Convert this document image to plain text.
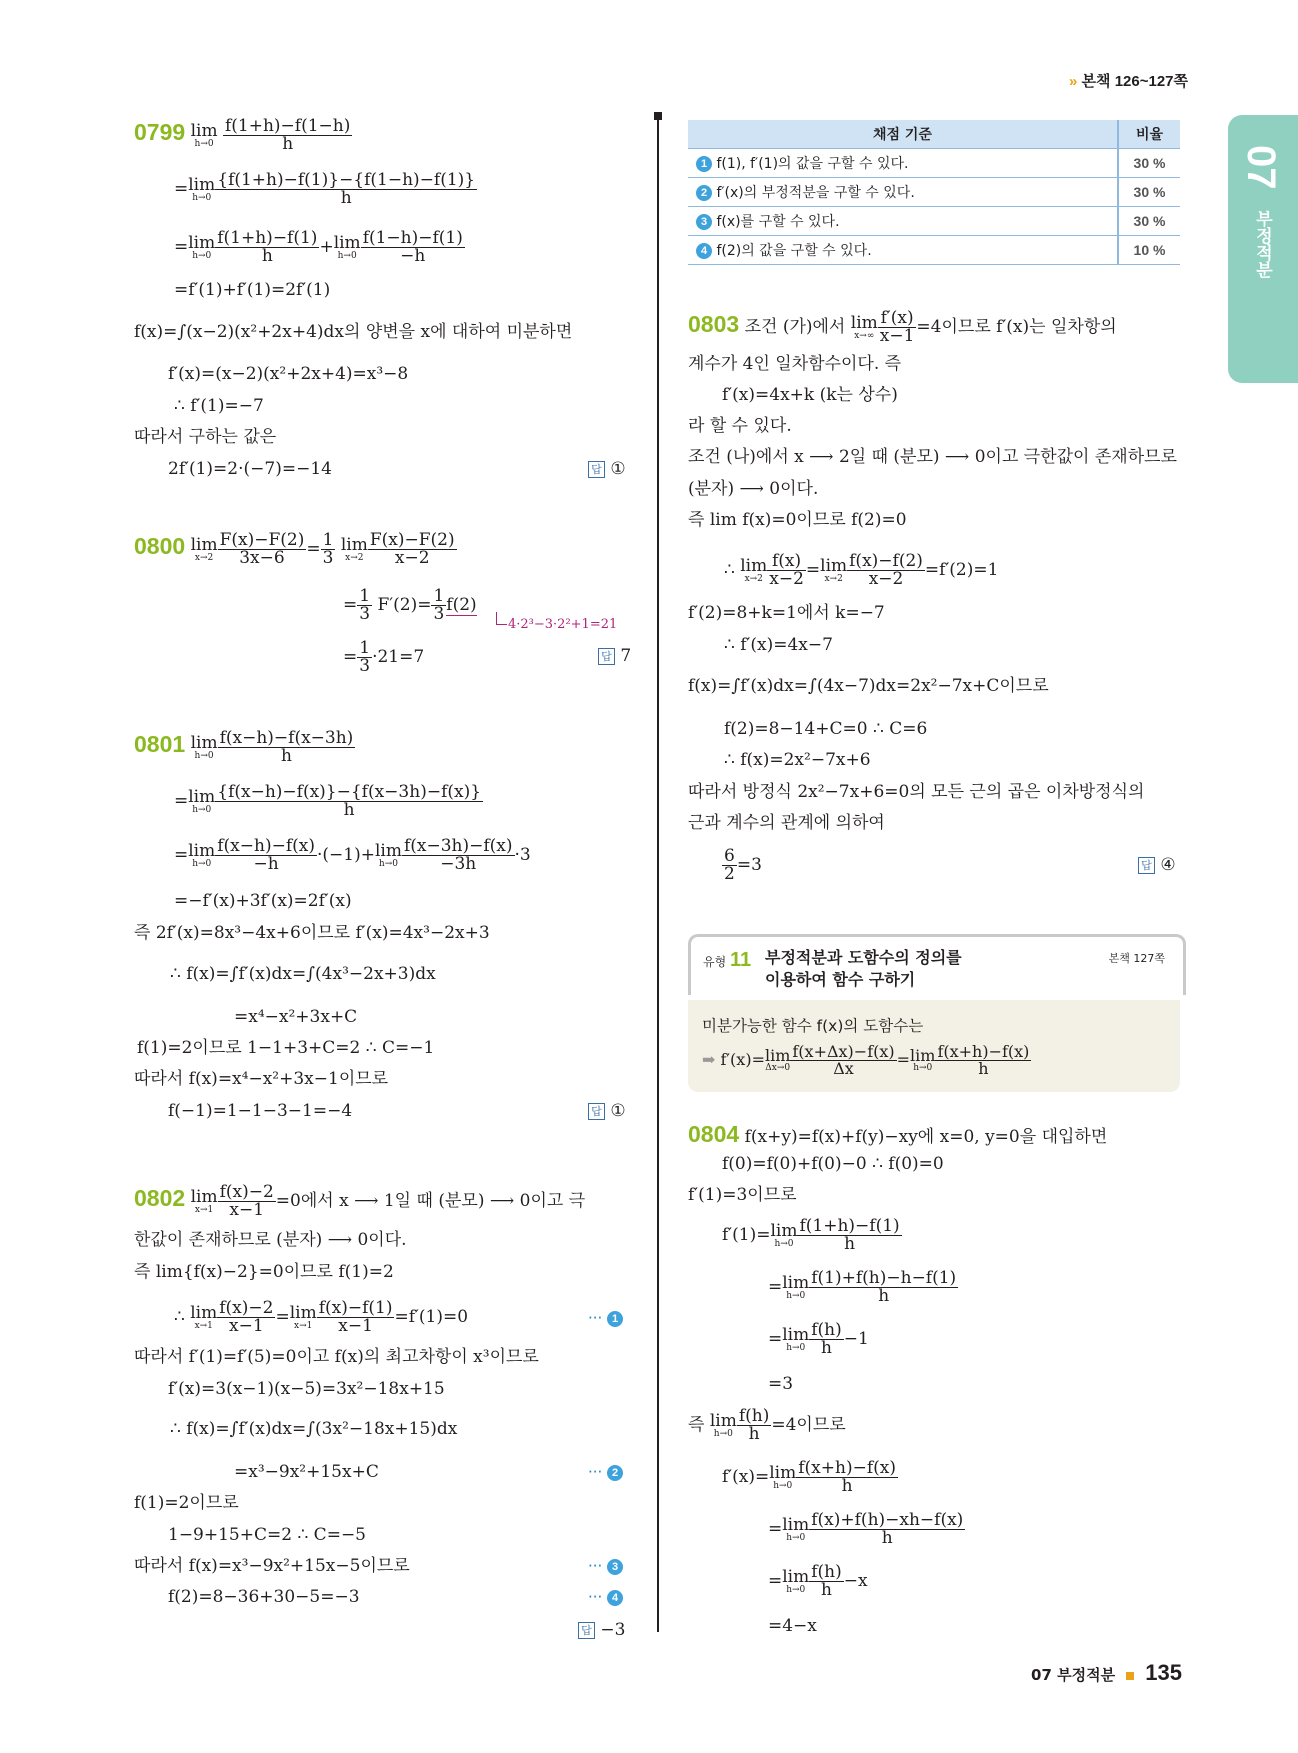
» 본책 126~127쪽
07
부정적분
0799 lim
h→0
$\frac{f(1+h)-f(1-h)}{h}$
=lim
$h\to 0 \frac{\{f(1+h)-f(1)\}-\{f(1-h)-f(1)\}}{h}$
=lim
$h\to 0 \frac{f(1+h)-f(1)}{h} +\lim$
$h\to 0 \frac{f(1-h)-f(1)}{-h}$
=f′(1)+f′(1)=2f′(1)
f(x)=∫(x−2)(x²+2x+4)dx의 양변을 x에 대하여 미분하면
f′(x)=(x−2)(x²+2x+4)=x³−8
∴ f′(1)=−7
따라서 구하는 값은
2f′(1)=2·(−7)=−14	답 ①
0800 lim
$x\to 2 \frac{F(x)-F(2)}{3x-6} = \frac{1}{3}$ lim
$x\to 2 \frac{F(x)-F(2)}{x-2}$
= $\frac{1}{3} F'(2)= \frac{1}{3} f(2)$
4·2³−3·2²+1=21
= $\frac{1}{3} \cdot 21=7$	답 7
0801 lim
$h\to 0 \frac{f(x-h)-f(x-3h)}{h}$
=lim
$h\to 0 \frac{\{f(x-h)-f(x)\}-\{f(x-3h)-f(x)\}}{h}$
=lim
$h\to 0 \frac{f(x-h)-f(x)}{-h} \cdot(-1)+\lim$
$h\to 0 \frac{f(x-3h)-f(x)}{-3h} \cdot 3$
=−f′(x)+3f′(x)=2f′(x)
즉 2f′(x)=8x³−4x+6이므로 f′(x)=4x³−2x+3
∴ f(x)=∫f′(x)dx=∫(4x³−2x+3)dx
=x⁴−x²+3x+C
f(1)=2이므로 1−1+3+C=2 ∴ C=−1
따라서 f(x)=x⁴−x²+3x−1이므로
f(−1)=1−1−3−1=−4	답 ①
0802 lim
$x\to 1 \frac{f(x)-2}{x-1} =0$에서 x ⟶ 1일 때 (분모) ⟶ 0이고 극
한값이 존재하므로 (분자) ⟶ 0이다.
즉 lim{f(x)−2}=0이므로 f(1)=2
∴ lim
$x\to 1 \frac{f(x)-2}{x-1} =\lim$
$x\to 1 \frac{f(x)-f(1)}{x-1} =f'(1)=0$	··· 1
따라서 f′(1)=f′(5)=0이고 f(x)의 최고차항이 x³이므로
f′(x)=3(x−1)(x−5)=3x²−18x+15
∴ f(x)=∫f′(x)dx=∫(3x²−18x+15)dx
=x³−9x²+15x+C	··· 2
f(1)=2이므로
1−9+15+C=2 ∴ C=−5
따라서 f(x)=x³−9x²+15x−5이므로	··· 3
f(2)=8−36+30−5=−3	··· 4
답 −3
채점 기준	비율
1 f(1), f′(1)의 값을 구할 수 있다.	30 %
2 f′(x)의 부정적분을 구할 수 있다.	30 %
3 f(x)를 구할 수 있다.	30 %
4 f(2)의 값을 구할 수 있다.	10 %
0803 조건 (가)에서 lim
$x\to\infty \frac{f'(x)}{x-1} =4$이므로 f′(x)는 일차항의
계수가 4인 일차함수이다. 즉
f′(x)=4x+k (k는 상수)
라 할 수 있다.
조건 (나)에서 x ⟶ 2일 때 (분모) ⟶ 0이고 극한값이 존재하므로
(분자) ⟶ 0이다.
즉 lim f(x)=0이므로 f(2)=0
∴ lim
$x\to 2 \frac{f(x)}{x-2} =\lim$
$x\to 2 \frac{f(x)-f(2)}{x-2} =f'(2)=1$
f′(2)=8+k=1에서 k=−7
∴ f′(x)=4x−7
f(x)=∫f′(x)dx=∫(4x−7)dx=2x²−7x+C이므로
f(2)=8−14+C=0 ∴ C=6
∴ f(x)=2x²−7x+6
따라서 방정식 2x²−7x+6=0의 모든 근의 곱은 이차방정식의
근과 계수의 관계에 의하여
$\frac{6}{2} =3$	답 ④
유형 11 부정적분과 도함수의 정의를
이용하여 함수 구하기
본책 127쪽
미분가능한 함수 f(x)의 도함수는
➡ f′(x)=lim
$\Delta x\to 0 \frac{f(x+\Delta x)-f(x)}{\Delta x} =\lim$
$h\to 0 \frac{f(x+h)-f(x)}{h}$
0804 f(x+y)=f(x)+f(y)−xy에 x=0, y=0을 대입하면
f(0)=f(0)+f(0)−0 ∴ f(0)=0
f′(1)=3이므로
f′(1)=lim
$h\to 0 \frac{f(1+h)-f(1)}{h}$
=lim
$h\to 0 \frac{f(1)+f(h)-h-f(1)}{h}$
=lim
$h\to 0 \frac{f(h)}{h} -1$
=3
즉 lim
$h\to 0 \frac{f(h)}{h} =4$이므로
f′(x)=lim
$h\to 0 \frac{f(x+h)-f(x)}{h}$
=lim
$h\to 0 \frac{f(x)+f(h)-xh-f(x)}{h}$
=lim
$h\to 0 \frac{f(h)}{h} -x$
=4−x
07 부정적분 135
